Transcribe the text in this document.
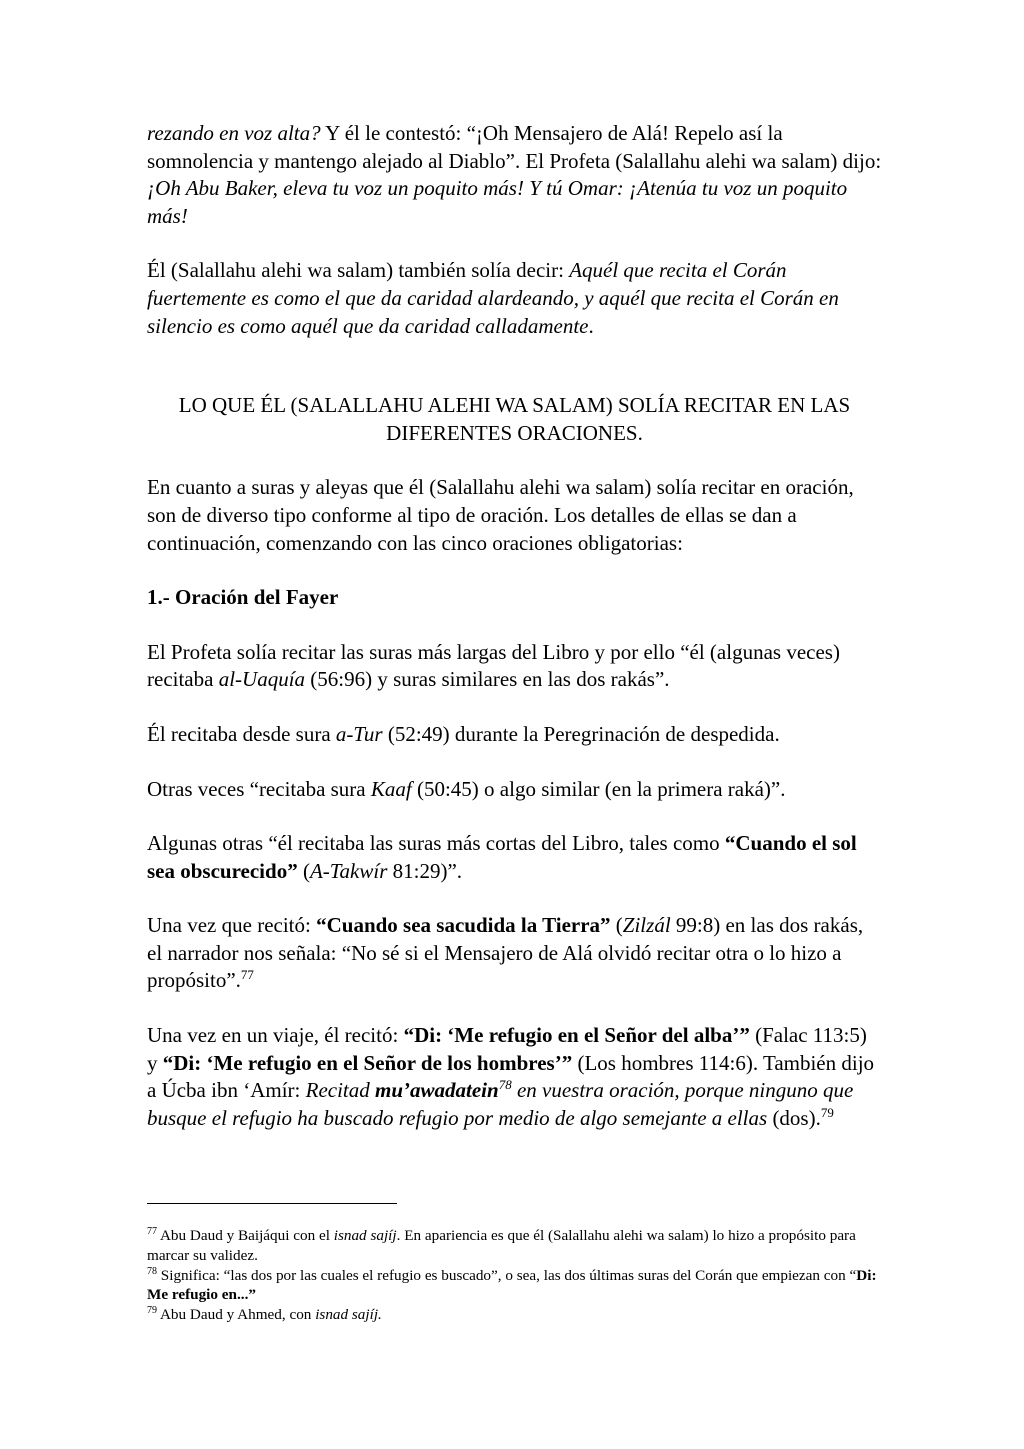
rezando en voz alta? Y él le contestó: “¡Oh Mensajero de Alá! Repelo así la somnolencia y mantengo alejado al Diablo”. El Profeta (Salallahu alehi wa salam) dijo: ¡Oh Abu Baker, eleva tu voz un poquito más! Y tú Omar: ¡Atenúa tu voz un poquito más!

Él (Salallahu alehi wa salam) también solía decir: Aquél que recita el Corán fuertemente es como el que da caridad alardeando, y aquél que recita el Corán en silencio es como aquél que da caridad calladamente.

LO QUE ÉL (SALALLAHU ALEHI WA SALAM) SOLÍA RECITAR EN LAS DIFERENTES ORACIONES.

En cuanto a suras y aleyas que él (Salallahu alehi wa salam) solía recitar en oración, son de diverso tipo conforme al tipo de oración. Los detalles de ellas se dan a continuación, comenzando con las cinco oraciones obligatorias:

1.- Oración del Fayer

El Profeta solía recitar las suras más largas del Libro y por ello “él (algunas veces) recitaba al-Uaquía (56:96) y suras similares en las dos rakás”.

Él recitaba desde sura a-Tur (52:49) durante la Peregrinación de despedida.

Otras veces “recitaba sura Kaaf (50:45) o algo similar (en la primera raká)”.

Algunas otras “él recitaba las suras más cortas del Libro, tales como “Cuando el sol sea obscurecido” (A-Takwír 81:29)”.

Una vez que recitó: “Cuando sea sacudida la Tierra” (Zilzál 99:8) en las dos rakás, el narrador nos señala: “No sé si el Mensajero de Alá olvidó recitar otra o lo hizo a propósito”.$^{77}$

Una vez en un viaje, él recitó: “Di: ‘Me refugio en el Señor del alba’” (Falac 113:5) y “Di: ‘Me refugio en el Señor de los hombres’” (Los hombres 114:6). También dijo a Úcba ibn ‘Amír: Recitad mu’awadatein$^{78}$ en vuestra oración, porque ninguno que busque el refugio ha buscado refugio por medio de algo semejante a ellas (dos).$^{79}$

$^{77}$ Abu Daud y Baijáqui con el isnad sajíj. En apariencia es que él (Salallahu alehi wa salam) lo hizo a propósito para marcar su validez.

$^{78}$ Significa: “las dos por las cuales el refugio es buscado”, o sea, las dos últimas suras del Corán que empiezan con “Di: Me refugio en...”

$^{79}$ Abu Daud y Ahmed, con isnad sajíj.
